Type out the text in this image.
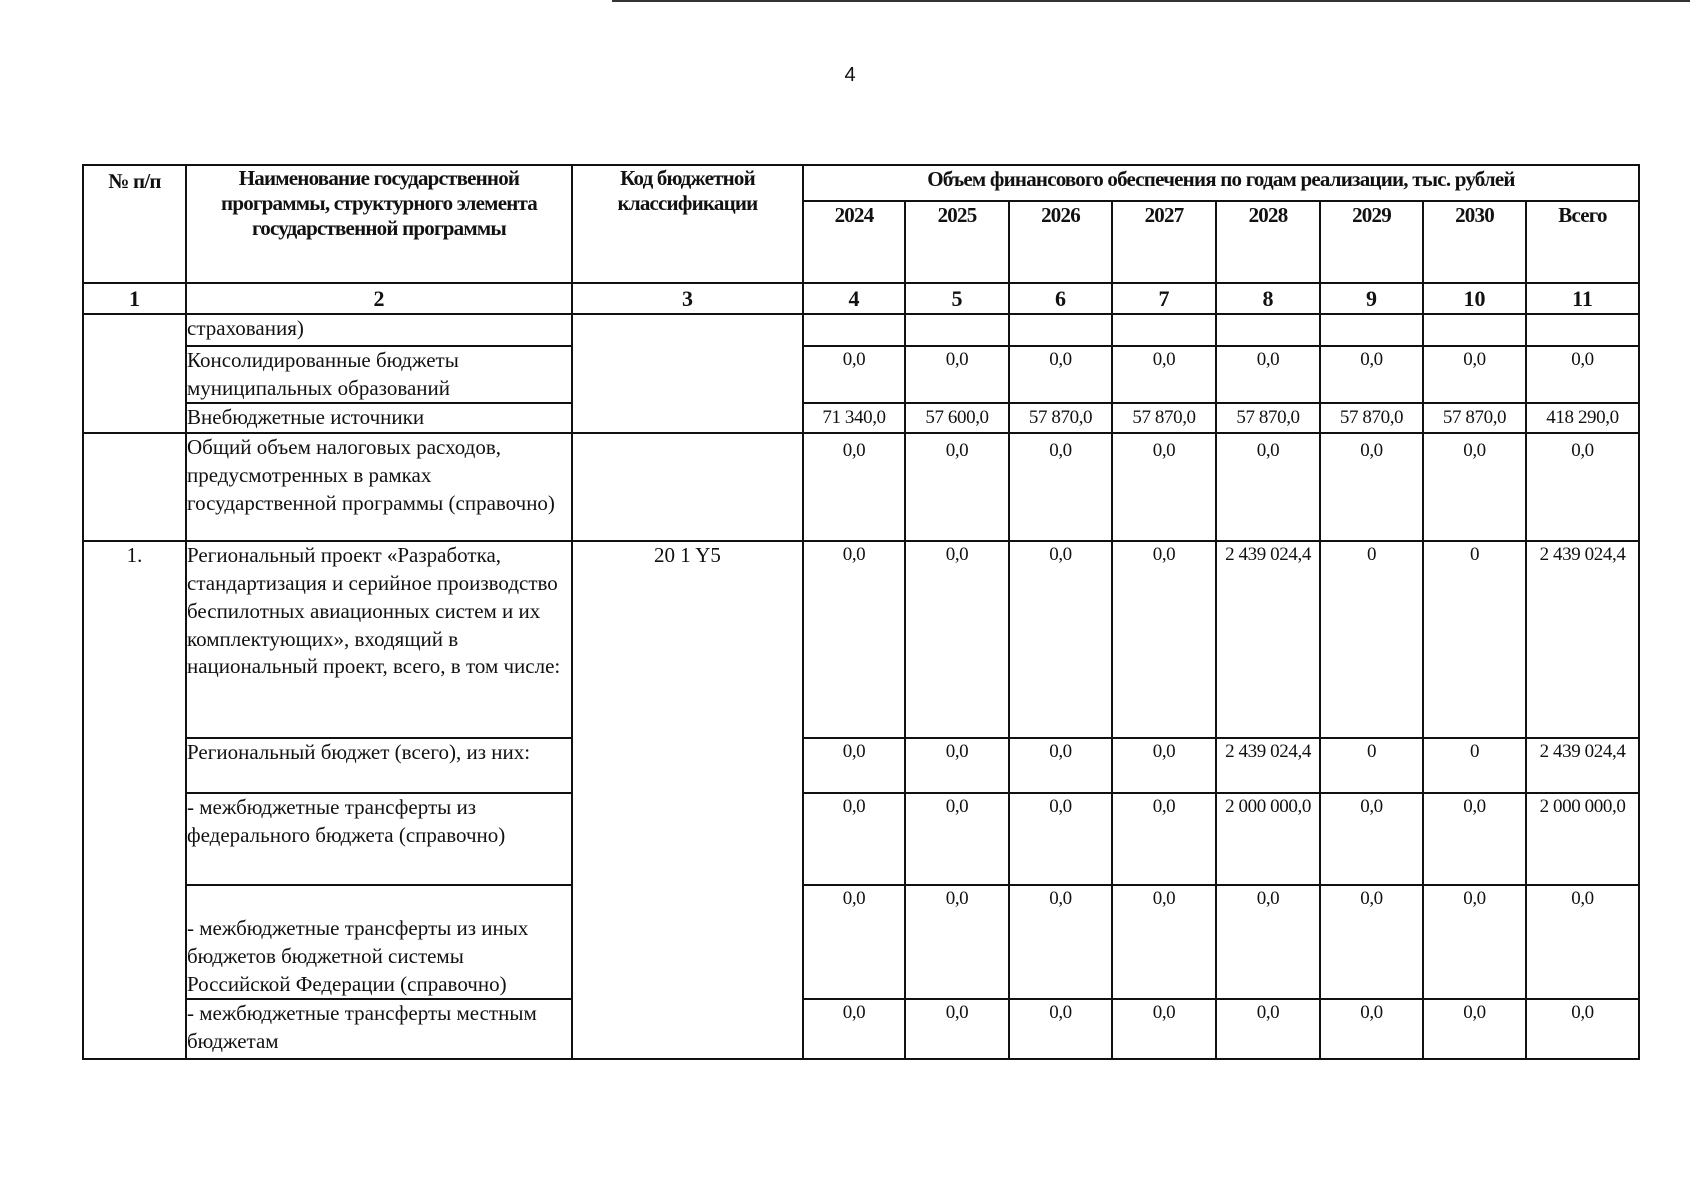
4
№ п/п	Наименование государственной программы, структурного элемента государственной программы	Код бюджетной классификации	Объем финансового обеспечения по годам реализации, тыс. рублей							
			2024	2025	2026	2027	2028	2029	2030	Всего
1	2	3	4	5	6	7	8	9	10	11
	страхования)									
	Консолидированные бюджеты муниципальных образований		0,0	0,0	0,0	0,0	0,0	0,0	0,0	0,0
	Внебюджетные источники		71 340,0	57 600,0	57 870,0	57 870,0	57 870,0	57 870,0	57 870,0	418 290,0
	Общий объем налоговых расходов, предусмотренных в рамках государственной программы (справочно)		0,0	0,0	0,0	0,0	0,0	0,0	0,0	0,0
1.	Региональный проект «Разработка, стандартизация и серийное производство беспилотных авиационных систем и их комплектующих», входящий в национальный проект, всего, в том числе:	20 1 Y5	0,0	0,0	0,0	0,0	2 439 024,4	0	0	2 439 024,4
	Региональный бюджет (всего), из них:		0,0	0,0	0,0	0,0	2 439 024,4	0	0	2 439 024,4
	- межбюджетные трансферты из федерального бюджета (справочно)		0,0	0,0	0,0	0,0	2 000 000,0	0,0	0,0	2 000 000,0
	- межбюджетные трансферты из иных бюджетов бюджетной системы Российской Федерации (справочно)		0,0	0,0	0,0	0,0	0,0	0,0	0,0	0,0
	- межбюджетные трансферты местным бюджетам		0,0	0,0	0,0	0,0	0,0	0,0	0,0	0,0
